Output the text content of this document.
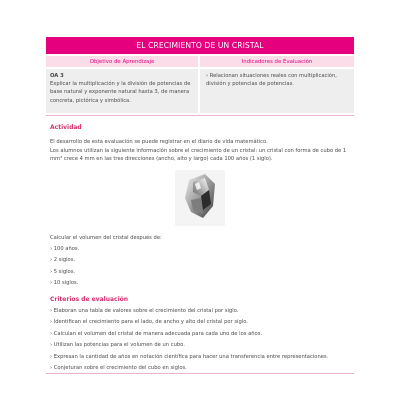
EL CRECIMIENTO DE UN CRISTAL
Objetivo de Aprendizaje	Indicadores de Evaluación
OA 3
Explicar la multiplicación y la división de potencias de base natural y exponente natural hasta 3, de manera concreta, pictórica y simbólica.
› Relacionan situaciones reales con multiplicación, división y potencias de potencias.
Actividad
El desarrollo de esta evaluación se puede registrar en el diario de vida matemático.
Los alumnos utilizan la siguiente información sobre el crecimiento de un cristal: un cristal con forma de cubo de 1 mm³ crece 4 mm en las tres direcciones (ancho, alto y largo) cada 100 años (1 siglo).
Calcular el volumen del cristal después de:
› 100 años.
› 2 siglos.
› 5 siglos.
› 10 siglos.
Criterios de evaluación
› Elaboran una tabla de valores sobre el crecimiento del cristal por siglo.
› Identifican el crecimiento para el lado, de ancho y alto del cristal por siglo.
› Calculan el volumen del cristal de manera adecuada para cada uno de los años.
› Utilizan las potencias para el volumen de un cubo.
› Expresan la cantidad de años en notación científica para hacer una transferencia entre representaciones.
› Conjeturan sobre el crecimiento del cubo en siglos.
